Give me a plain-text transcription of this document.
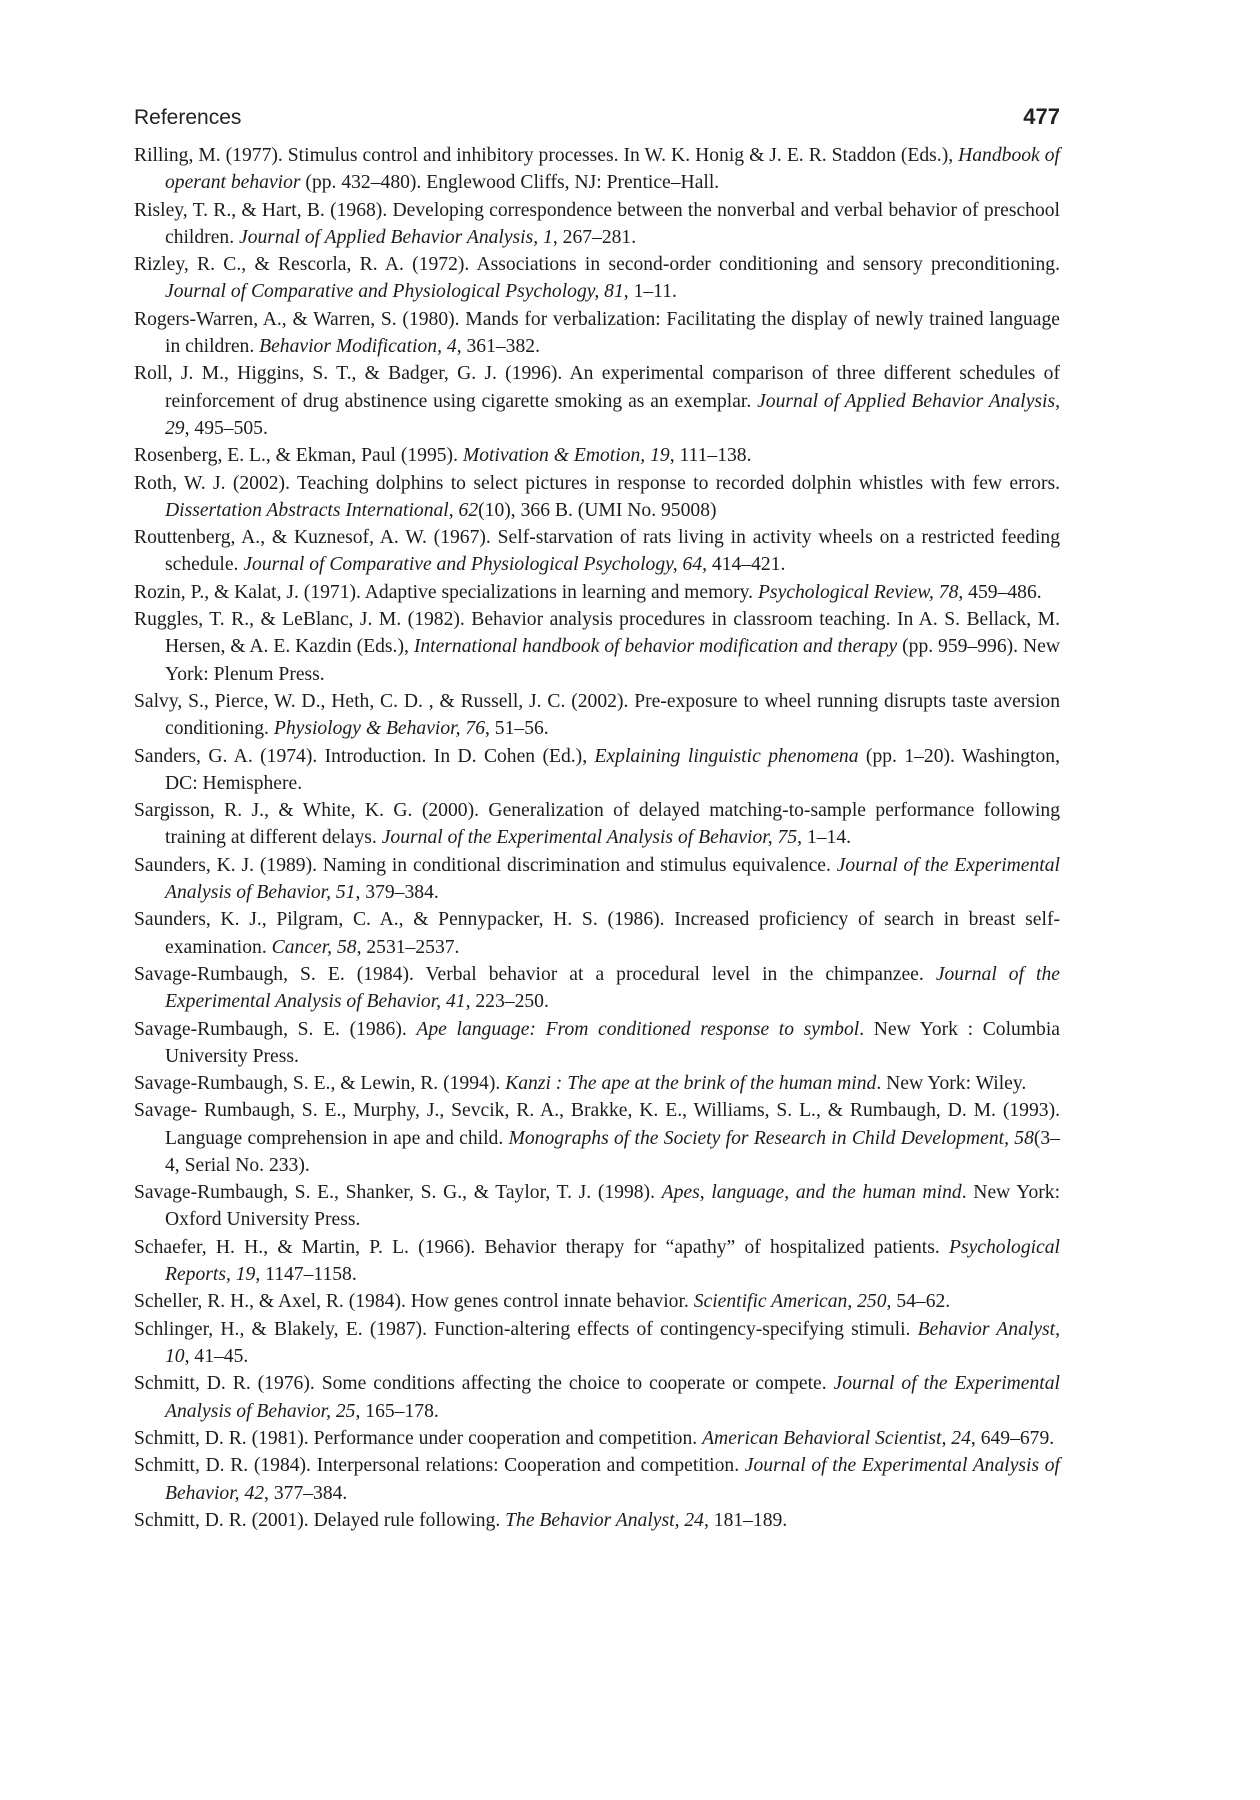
References	477
Rilling, M. (1977). Stimulus control and inhibitory processes. In W. K. Honig & J. E. R. Staddon (Eds.), Handbook of operant behavior (pp. 432–480). Englewood Cliffs, NJ: Prentice–Hall.
Risley, T. R., & Hart, B. (1968). Developing correspondence between the nonverbal and verbal behavior of preschool children. Journal of Applied Behavior Analysis, 1, 267–281.
Rizley, R. C., & Rescorla, R. A. (1972). Associations in second-order conditioning and sensory preconditioning. Journal of Comparative and Physiological Psychology, 81, 1–11.
Rogers-Warren, A., & Warren, S. (1980). Mands for verbalization: Facilitating the display of newly trained language in children. Behavior Modification, 4, 361–382.
Roll, J. M., Higgins, S. T., & Badger, G. J. (1996). An experimental comparison of three different schedules of reinforcement of drug abstinence using cigarette smoking as an exemplar. Journal of Applied Behavior Analysis, 29, 495–505.
Rosenberg, E. L., & Ekman, Paul (1995). Motivation & Emotion, 19, 111–138.
Roth, W. J. (2002). Teaching dolphins to select pictures in response to recorded dolphin whistles with few errors. Dissertation Abstracts International, 62(10), 366 B. (UMI No. 95008)
Routtenberg, A., & Kuznesof, A. W. (1967). Self-starvation of rats living in activity wheels on a restricted feeding schedule. Journal of Comparative and Physiological Psychology, 64, 414–421.
Rozin, P., & Kalat, J. (1971). Adaptive specializations in learning and memory. Psychological Review, 78, 459–486.
Ruggles, T. R., & LeBlanc, J. M. (1982). Behavior analysis procedures in classroom teaching. In A. S. Bellack, M. Hersen, & A. E. Kazdin (Eds.), International handbook of behavior modification and therapy (pp. 959–996). New York: Plenum Press.
Salvy, S., Pierce, W. D., Heth, C. D. , & Russell, J. C. (2002). Pre-exposure to wheel running disrupts taste aversion conditioning. Physiology & Behavior, 76, 51–56.
Sanders, G. A. (1974). Introduction. In D. Cohen (Ed.), Explaining linguistic phenomena (pp. 1–20). Washington, DC: Hemisphere.
Sargisson, R. J., & White, K. G. (2000). Generalization of delayed matching-to-sample performance following training at different delays. Journal of the Experimental Analysis of Behavior, 75, 1–14.
Saunders, K. J. (1989). Naming in conditional discrimination and stimulus equivalence. Journal of the Experimental Analysis of Behavior, 51, 379–384.
Saunders, K. J., Pilgram, C. A., & Pennypacker, H. S. (1986). Increased proficiency of search in breast self-examination. Cancer, 58, 2531–2537.
Savage-Rumbaugh, S. E. (1984). Verbal behavior at a procedural level in the chimpanzee. Journal of the Experimental Analysis of Behavior, 41, 223–250.
Savage-Rumbaugh, S. E. (1986). Ape language: From conditioned response to symbol. New York : Columbia University Press.
Savage-Rumbaugh, S. E., & Lewin, R. (1994). Kanzi : The ape at the brink of the human mind. New York: Wiley.
Savage- Rumbaugh, S. E., Murphy, J., Sevcik, R. A., Brakke, K. E., Williams, S. L., & Rumbaugh, D. M. (1993). Language comprehension in ape and child. Monographs of the Society for Research in Child Development, 58(3–4, Serial No. 233).
Savage-Rumbaugh, S. E., Shanker, S. G., & Taylor, T. J. (1998). Apes, language, and the human mind. New York: Oxford University Press.
Schaefer, H. H., & Martin, P. L. (1966). Behavior therapy for “apathy” of hospitalized patients. Psychological Reports, 19, 1147–1158.
Scheller, R. H., & Axel, R. (1984). How genes control innate behavior. Scientific American, 250, 54–62.
Schlinger, H., & Blakely, E. (1987). Function-altering effects of contingency-specifying stimuli. Behavior Analyst, 10, 41–45.
Schmitt, D. R. (1976). Some conditions affecting the choice to cooperate or compete. Journal of the Experimental Analysis of Behavior, 25, 165–178.
Schmitt, D. R. (1981). Performance under cooperation and competition. American Behavioral Scientist, 24, 649–679.
Schmitt, D. R. (1984). Interpersonal relations: Cooperation and competition. Journal of the Experimental Analysis of Behavior, 42, 377–384.
Schmitt, D. R. (2001). Delayed rule following. The Behavior Analyst, 24, 181–189.
